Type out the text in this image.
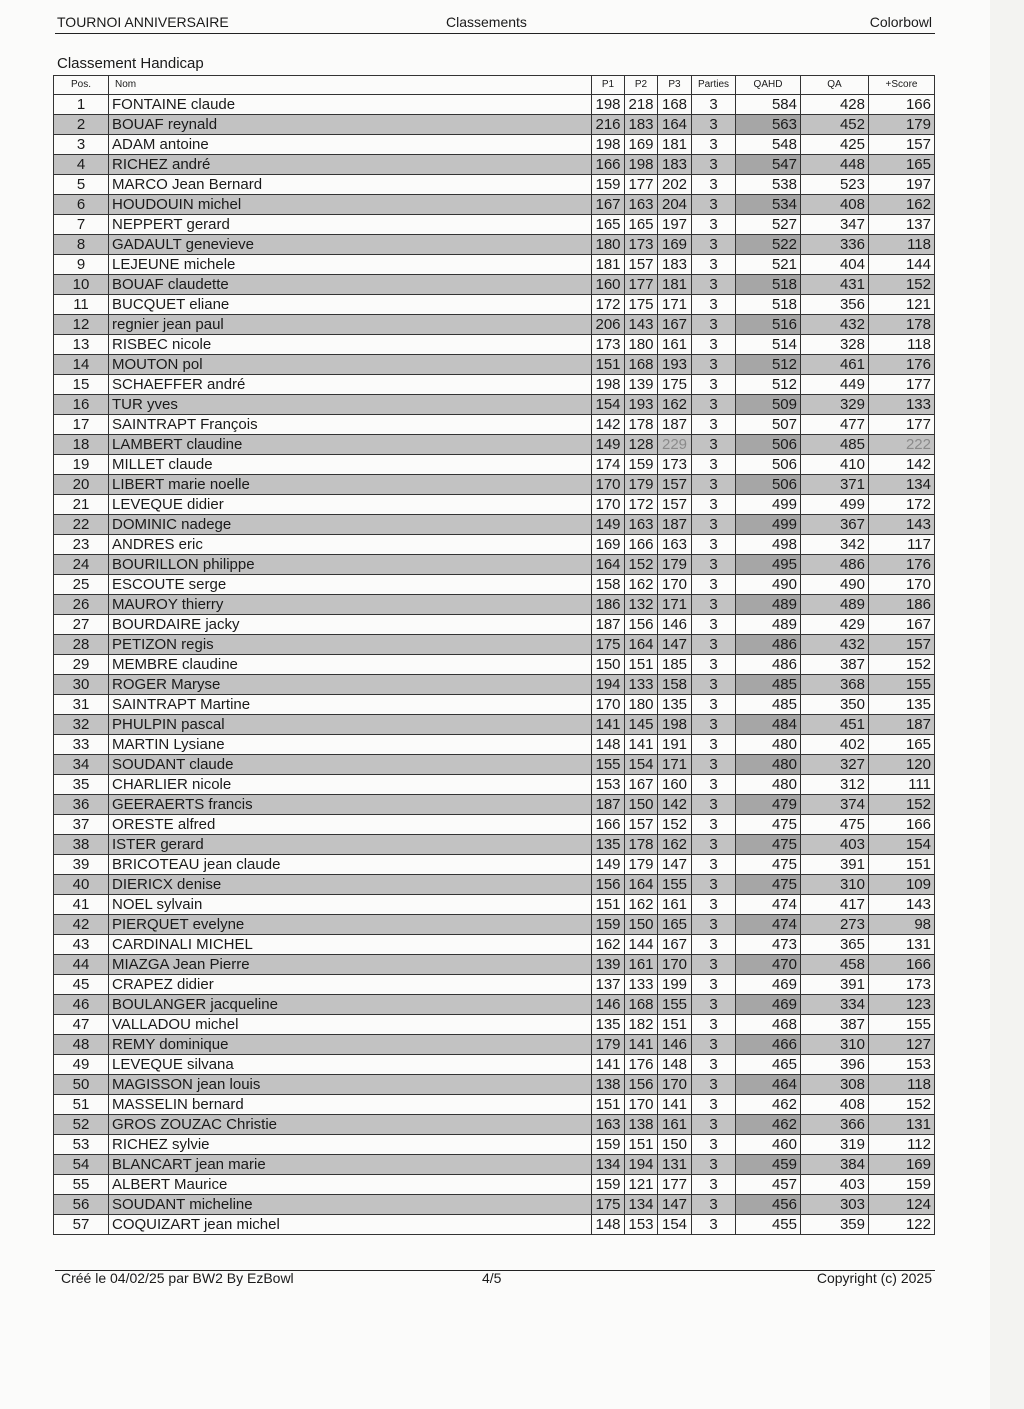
TOURNOI ANNIVERSAIRE	Classements	Colorbowl
Classement Handicap
Pos.	Nom	P1	P2	P3	Parties	QAHD	QA	+Score
1	FONTAINE claude	198	218	168	3	584	428	166
2	BOUAF reynald	216	183	164	3	563	452	179
3	ADAM antoine	198	169	181	3	548	425	157
4	RICHEZ andré	166	198	183	3	547	448	165
5	MARCO Jean Bernard	159	177	202	3	538	523	197
6	HOUDOUIN michel	167	163	204	3	534	408	162
7	NEPPERT gerard	165	165	197	3	527	347	137
8	GADAULT genevieve	180	173	169	3	522	336	118
9	LEJEUNE michele	181	157	183	3	521	404	144
10	BOUAF claudette	160	177	181	3	518	431	152
11	BUCQUET eliane	172	175	171	3	518	356	121
12	regnier jean paul	206	143	167	3	516	432	178
13	RISBEC nicole	173	180	161	3	514	328	118
14	MOUTON pol	151	168	193	3	512	461	176
15	SCHAEFFER andré	198	139	175	3	512	449	177
16	TUR yves	154	193	162	3	509	329	133
17	SAINTRAPT François	142	178	187	3	507	477	177
18	LAMBERT claudine	149	128	229	3	506	485	222
19	MILLET claude	174	159	173	3	506	410	142
20	LIBERT marie noelle	170	179	157	3	506	371	134
21	LEVEQUE didier	170	172	157	3	499	499	172
22	DOMINIC nadege	149	163	187	3	499	367	143
23	ANDRES eric	169	166	163	3	498	342	117
24	BOURILLON philippe	164	152	179	3	495	486	176
25	ESCOUTE serge	158	162	170	3	490	490	170
26	MAUROY thierry	186	132	171	3	489	489	186
27	BOURDAIRE jacky	187	156	146	3	489	429	167
28	PETIZON regis	175	164	147	3	486	432	157
29	MEMBRE claudine	150	151	185	3	486	387	152
30	ROGER Maryse	194	133	158	3	485	368	155
31	SAINTRAPT Martine	170	180	135	3	485	350	135
32	PHULPIN pascal	141	145	198	3	484	451	187
33	MARTIN Lysiane	148	141	191	3	480	402	165
34	SOUDANT claude	155	154	171	3	480	327	120
35	CHARLIER nicole	153	167	160	3	480	312	111
36	GEERAERTS francis	187	150	142	3	479	374	152
37	ORESTE alfred	166	157	152	3	475	475	166
38	ISTER gerard	135	178	162	3	475	403	154
39	BRICOTEAU jean claude	149	179	147	3	475	391	151
40	DIERICX denise	156	164	155	3	475	310	109
41	NOEL sylvain	151	162	161	3	474	417	143
42	PIERQUET evelyne	159	150	165	3	474	273	98
43	CARDINALI MICHEL	162	144	167	3	473	365	131
44	MIAZGA Jean Pierre	139	161	170	3	470	458	166
45	CRAPEZ didier	137	133	199	3	469	391	173
46	BOULANGER jacqueline	146	168	155	3	469	334	123
47	VALLADOU michel	135	182	151	3	468	387	155
48	REMY dominique	179	141	146	3	466	310	127
49	LEVEQUE silvana	141	176	148	3	465	396	153
50	MAGISSON jean louis	138	156	170	3	464	308	118
51	MASSELIN bernard	151	170	141	3	462	408	152
52	GROS ZOUZAC Christie	163	138	161	3	462	366	131
53	RICHEZ sylvie	159	151	150	3	460	319	112
54	BLANCART jean marie	134	194	131	3	459	384	169
55	ALBERT Maurice	159	121	177	3	457	403	159
56	SOUDANT micheline	175	134	147	3	456	303	124
57	COQUIZART jean michel	148	153	154	3	455	359	122
Créé le 04/02/25 par BW2 By EzBowl	4/5	Copyright (c) 2025
